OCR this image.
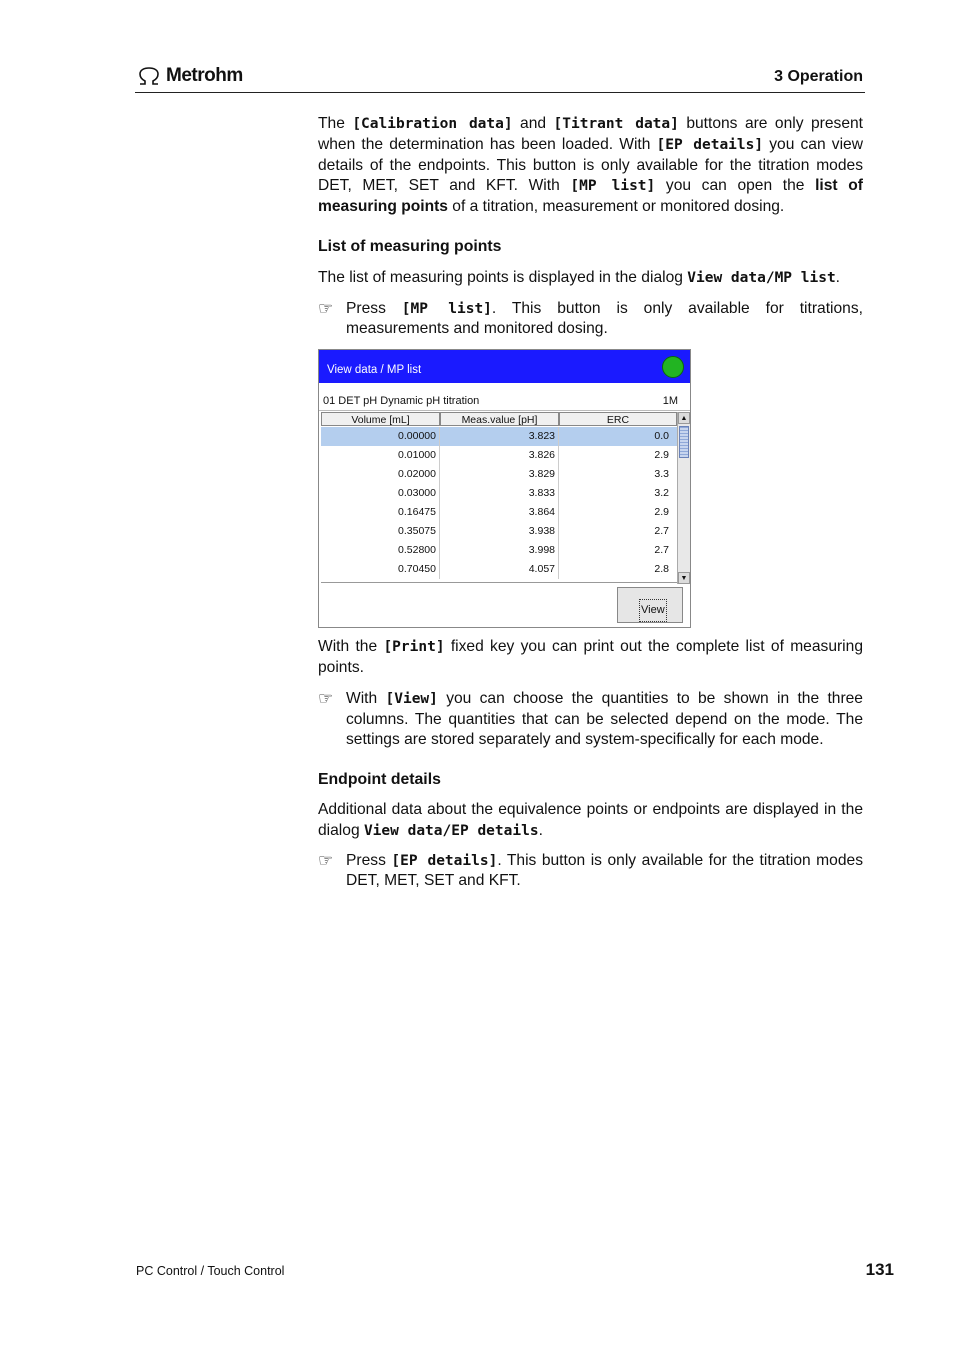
Metrohm	3 Operation

The [Calibration data] and [Titrant data] buttons are only present when the determination has been loaded. With [EP details] you can view details of the endpoints. This button is only available for the titration modes DET, MET, SET and KFT. With [MP list] you can open the list of measuring points of a titration, measurement or monitored dosing.

List of measuring points

The list of measuring points is displayed in the dialog View data/MP list.

☞ Press [MP list]. This button is only available for titrations, measurements and monitored dosing.

View data / MP list
01 DET pH Dynamic pH titration	1M
Volume [mL]	Meas.value [pH]	ERC
0.00000	3.823	0.0
0.01000	3.826	2.9
0.02000	3.829	3.3
0.03000	3.833	3.2
0.16475	3.864	2.9
0.35075	3.938	2.7
0.52800	3.998	2.7
0.70450	4.057	2.8
▲
▼
View

With the [Print] fixed key you can print out the complete list of measuring points.

☞ With [View] you can choose the quantities to be shown in the three columns. The quantities that can be selected depend on the mode. The settings are stored separately and system-specifically for each mode.

Endpoint details

Additional data about the equivalence points or endpoints are displayed in the dialog View data/EP details.

☞ Press [EP details]. This button is only available for the titration modes DET, MET, SET and KFT.

PC Control / Touch Control	131
